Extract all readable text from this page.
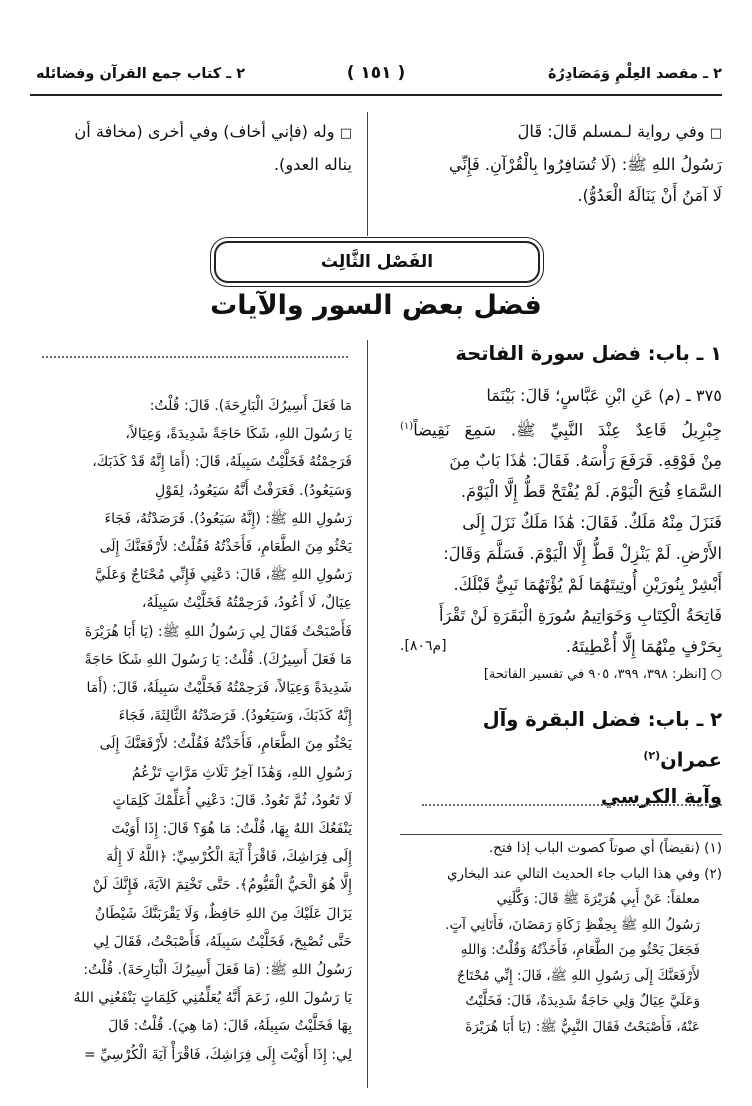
٢ ـ مقصد العِلْمِ وَمَصَادِرُهُ
( ١٥١ )
٢ ـ كتاب جمع القرآن وفضائله
□ وفي رواية لـمسلم قَالَ: قَالَ
رَسُولُ اللهِ ﷺ: (لَا تُسَافِرُوا بِالْقُرْآنِ. فَإِنِّي
لَا آمَنُ أَنْ يَنَالَهُ الْعَدُوُّ).
□ وله (فإني أخاف) وفي أخرى (مخافة أن
يناله العدو).
الفَصْل الثَّالِث
فضل بعض السور والآيات
١ ـ باب: فضل سورة الفاتحة
٣٧٥ ـ (م) عَنِ ابْنِ عَبَّاسٍ؛ قَالَ: بَيْنَمَا
جِبْرِيلُ قَاعِدٌ عِنْدَ النَّبِيِّ ﷺ. سَمِعَ نَقِيضاً$^{(١)}$
مِنْ فَوْقِهِ. فَرَفَعَ رَأْسَهُ. فَقَالَ: هَٰذَا بَابٌ مِنَ
السَّمَاءِ فُتِحَ الْيَوْمَ. لَمْ يُفْتَحْ قَطُّ إِلَّا الْيَوْمَ.
فَنَزَلَ مِنْهُ مَلَكٌ. فَقَالَ: هَٰذَا مَلَكٌ نَزَلَ إِلَى
الأَرْضِ. لَمْ يَنْزِلْ قَطُّ إِلَّا الْيَوْمَ. فَسَلَّمَ وَقَالَ:
أَبْشِرْ بِنُورَيْنِ أُوتِيتَهُمَا لَمْ يُؤْتَهُمَا نَبِيٌّ قَبْلَكَ.
فَاتِحَةُ الْكِتَابِ وَخَوَاتِيمُ سُورَةِ الْبَقَرَةِ لَنْ تَقْرَأَ
بِحَرْفٍ مِنْهُمَا إِلَّا أُعْطِيتَهُ.
[م٨٠٦].
○ [انظر: ٣٩٨، ٣٩٩، ٩٠٥ في تفسير الفاتحة]
٢ ـ باب: فضل البقرة وآل عمران$^{(٢)}$
وآية الكرسي
(١) (نقيضاً) أي صوتاً كصوت الباب إذا فتح.
(٢) وفي هذا الباب جاء الحديث التالي عند البخاري
معلقاً: عَنْ أَبِي هُرَيْرَةَ ﷺ قَالَ: وَكَّلَنِي
رَسُولُ اللهِ ﷺ بِحِفْظِ زَكَاةِ رَمَضَانَ، فَأَتَانِي آتٍ.
فَجَعَلَ يَحْثُو مِنَ الطَّعَامِ، فَأَخَذْتُهُ وَقُلْتُ: وَاللهِ
لأَرْفَعَنَّكَ إِلَى رَسُولِ اللهِ ﷺ، قَالَ: إِنِّي مُحْتَاجٌ
وَعَلَيَّ عِيَالٌ وَلِي حَاجَةٌ شَدِيدَةٌ، قَالَ: فَخَلَّيْتُ
عَنْهُ، فَأَصْبَحْتُ فَقَالَ النَّبِيُّ ﷺ: (يَا أَبَا هُرَيْرَةَ
مَا فَعَلَ أَسِيرُكَ الْبَارِحَةَ). قَالَ: قُلْتُ:
يَا رَسُولَ اللهِ، شَكَا حَاجَةً شَدِيدَةً، وَعِيَالاً،
فَرَحِمْتُهُ فَخَلَّيْتُ سَبِيلَهُ، قَالَ: (أَمَا إِنَّهُ قَدْ كَذَبَكَ،
وَسَيَعُودُ). فَعَرَفْتُ أَنَّهُ سَيَعُودُ، لِقَوْلِ
رَسُولِ اللهِ ﷺ: (إِنَّهُ سَيَعُودُ). فَرَصَدْتُهُ، فَجَاءَ
يَحْثُو مِنَ الطَّعَامِ، فَأَخَذْتُهُ فَقُلْتُ: لأَرْفَعَنَّكَ إِلَى
رَسُولِ اللهِ ﷺ، قَالَ: دَعْنِي فَإِنِّي مُحْتَاجٌ وَعَلَيَّ
عِيَالٌ، لَا أَعُودُ، فَرَحِمْتُهُ فَخَلَّيْتُ سَبِيلَهُ،
فَأَصْبَحْتُ فَقَالَ لِي رَسُولُ اللهِ ﷺ: (يَا أَبَا هُرَيْرَةَ
مَا فَعَلَ أَسِيرُكَ). قُلْتُ: يَا رَسُولَ اللهِ شَكَا حَاجَةً
شَدِيدَةً وَعِيَالاً، فَرَحِمْتُهُ فَخَلَّيْتُ سَبِيلَهُ، قَالَ: (أَمَا
إِنَّهُ كَذَبَكَ، وَسَيَعُودُ). فَرَصَدْتُهُ الثَّالِثَةَ، فَجَاءَ
يَحْثُو مِنَ الطَّعَامِ، فَأَخَذْتُهُ فَقُلْتُ: لأَرْفَعَنَّكَ إِلَى
رَسُولِ اللهِ، وَهَٰذَا آخِرُ ثَلَاثِ مَرَّاتٍ تَزْعُمُ
لَا تَعُودُ، ثُمَّ تَعُودُ. قَالَ: دَعْنِي أُعَلِّمْكَ كَلِمَاتٍ
يَنْفَعُكَ اللهُ بِهَا، قُلْتُ: مَا هُوَ؟ قَالَ: إِذَا أَوَيْتَ
إِلَى فِرَاشِكَ، فَاقْرَأْ آيَةَ الْكُرْسِيِّ: ﴿اللَّهُ لَا إِلَٰهَ
إِلَّا هُوَ الْحَيُّ الْقَيُّومُ﴾. حَتَّى تَخْتِمَ الآيَةَ، فَإِنَّكَ لَنْ
يَزَالَ عَلَيْكَ مِنَ اللهِ حَافِظٌ، وَلَا يَقْرَبَنَّكَ شَيْطَانٌ
حَتَّى تُصْبِحَ، فَخَلَّيْتُ سَبِيلَهُ، فَأَصْبَحْتُ، فَقَالَ لِي
رَسُولُ اللهِ ﷺ: (مَا فَعَلَ أَسِيرُكَ الْبَارِحَةَ). قُلْتُ:
يَا رَسُولَ اللهِ، زَعَمَ أَنَّهُ يُعَلِّمُنِي كَلِمَاتٍ يَنْفَعُنِي اللهُ
بِهَا فَخَلَّيْتُ سَبِيلَهُ، قَالَ: (مَا هِيَ). قُلْتُ: قَالَ
لِي: إِذَا أَوَيْتَ إِلَى فِرَاشِكَ، فَاقْرَأْ آيَةَ الْكُرْسِيِّ =
